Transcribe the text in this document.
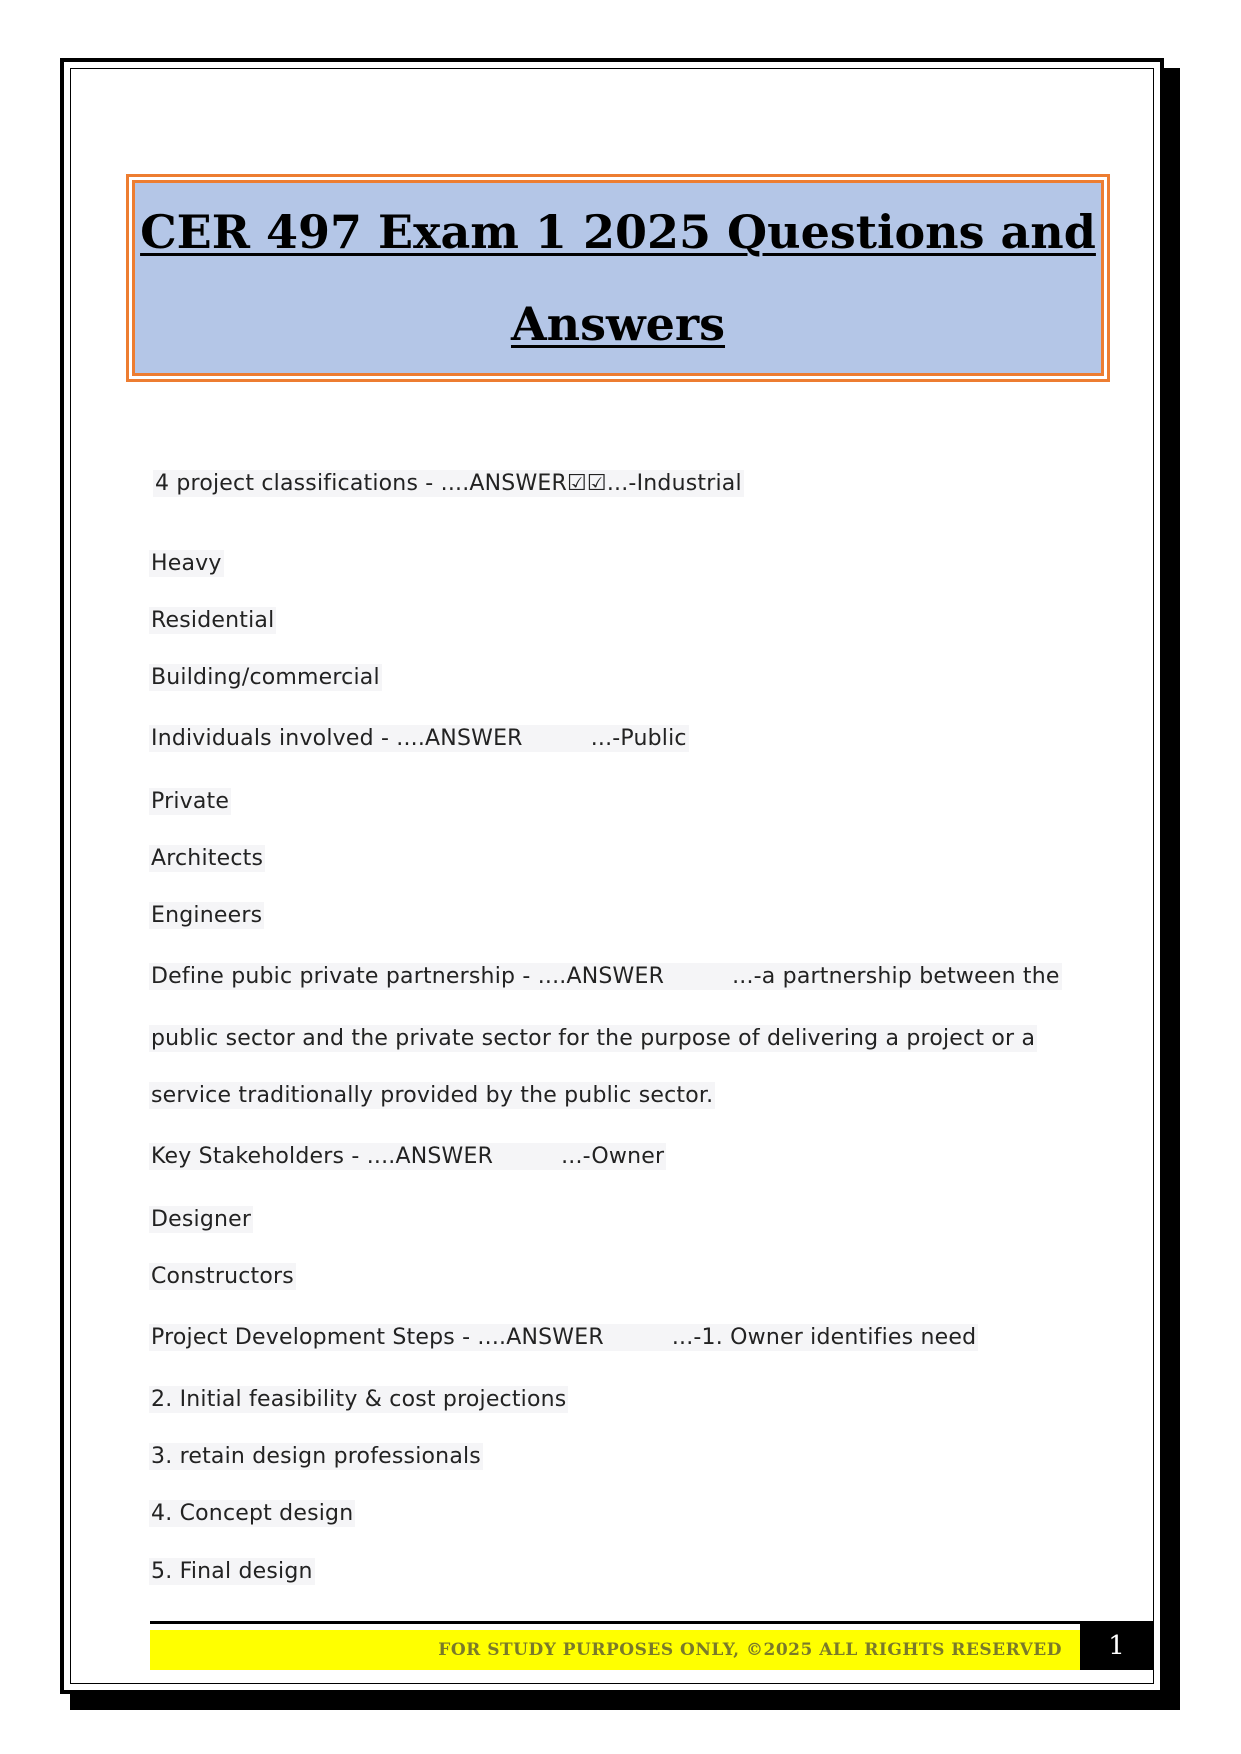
CER 497 Exam 1 2025 Questions and
Answers
4 project classifications - ....ANSWER☑☑...-Industrial
Heavy
Residential
Building/commercial
Individuals involved - ....ANSWER	...-Public
Private
Architects
Engineers
Define pubic private partnership - ....ANSWER	...-a partnership between the
public sector and the private sector for the purpose of delivering a project or a
service traditionally provided by the public sector.
Key Stakeholders - ....ANSWER	...-Owner
Designer
Constructors
Project Development Steps - ....ANSWER	...-1. Owner identifies need
2. Initial feasibility & cost projections
3. retain design professionals
4. Concept design
5. Final design
FOR STUDY PURPOSES ONLY, ©2025 ALL RIGHTS RESERVED	1
